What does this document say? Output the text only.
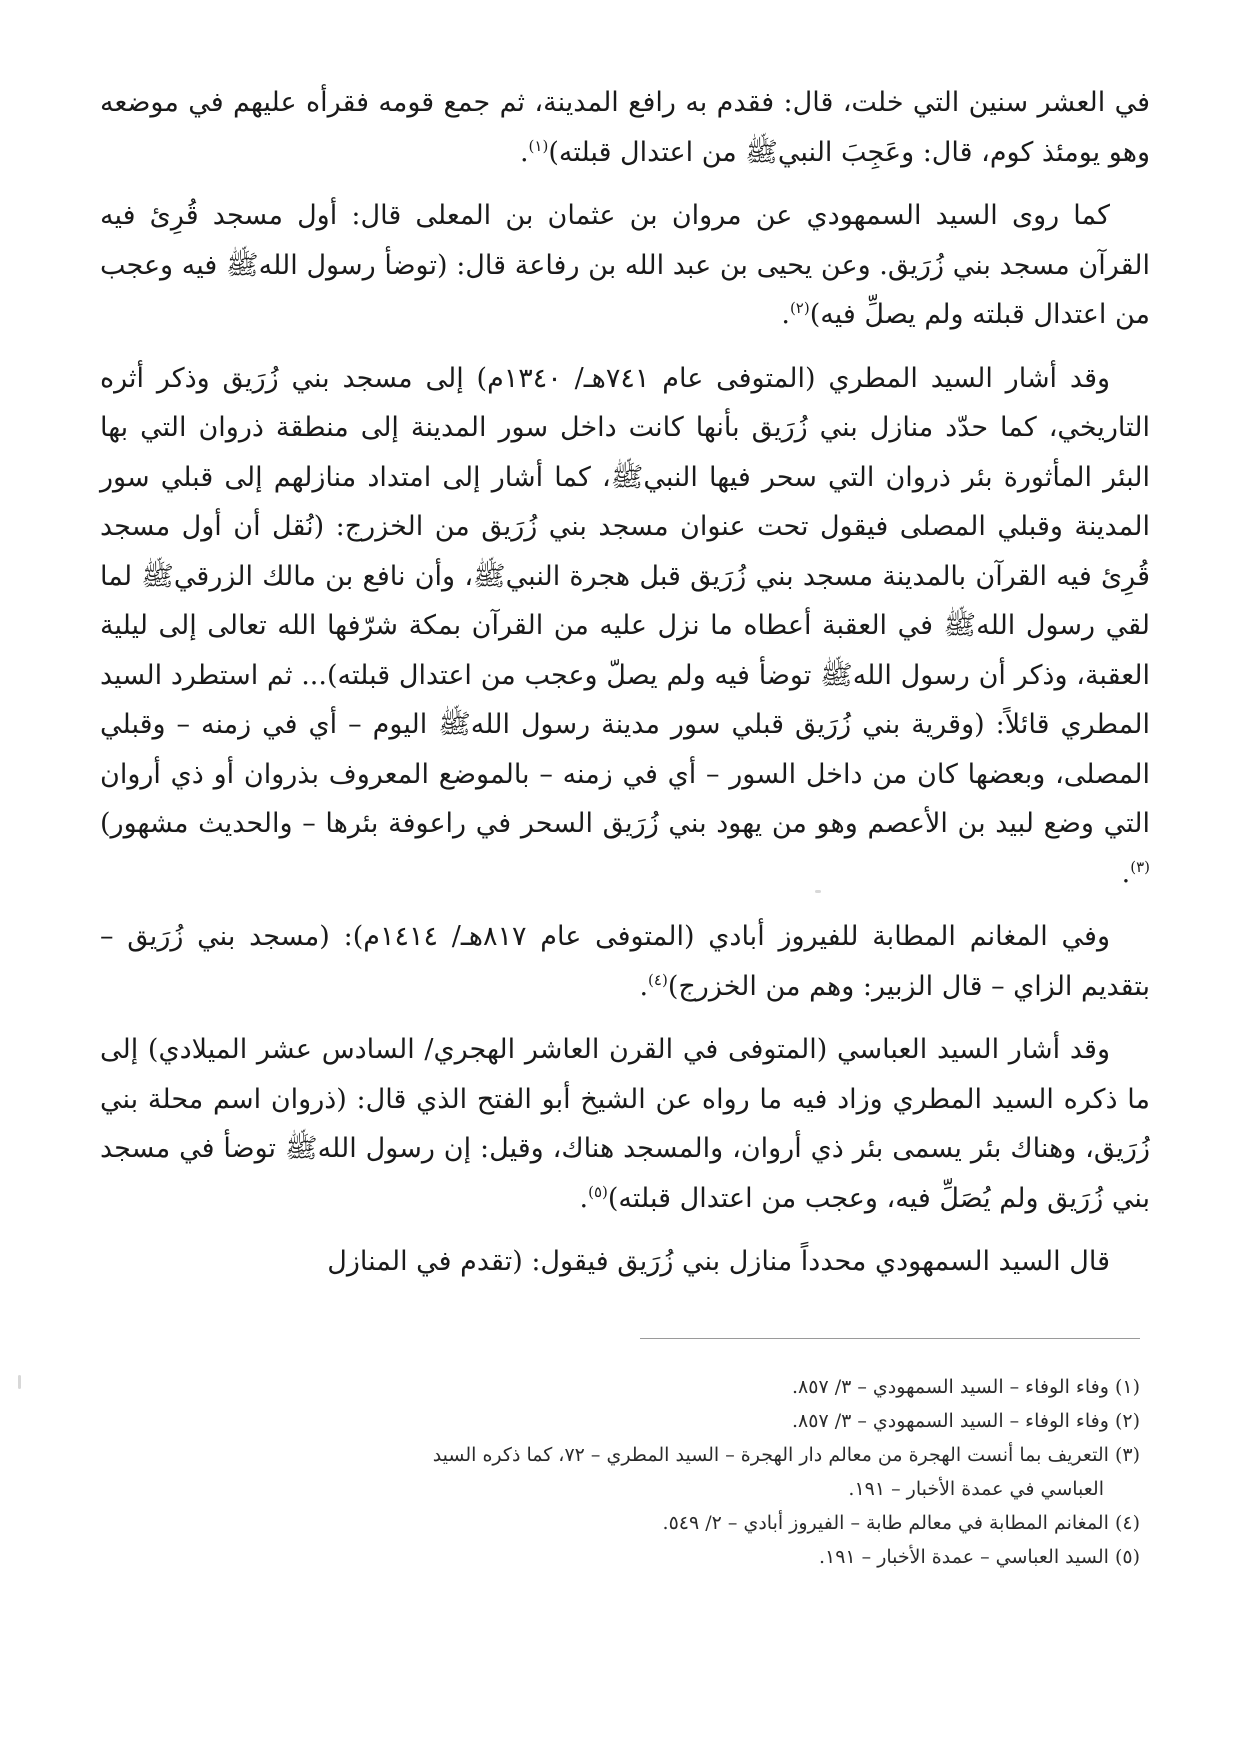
في العشر سنين التي خلت، قال: فقدم به رافع المدينة، ثم جمع قومه فقرأه عليهم في موضعه وهو يومئذ كوم، قال: وعَجِبَ النبيﷺ من اعتدال قبلته)$^{(١)}$.

كما روى السيد السمهودي عن مروان بن عثمان بن المعلى قال: أول مسجد قُرِئ فيه القرآن مسجد بني زُرَيق. وعن يحيى بن عبد الله بن رفاعة قال: (توضأ رسول اللهﷺ فيه وعجب من اعتدال قبلته ولم يصلِّ فيه)$^{(٢)}$.

وقد أشار السيد المطري (المتوفى عام ٧٤١هـ/ ١٣٤٠م) إلى مسجد بني زُرَيق وذكر أثره التاريخي، كما حدّد منازل بني زُرَيق بأنها كانت داخل سور المدينة إلى منطقة ذروان التي بها البئر المأثورة بئر ذروان التي سحر فيها النبيﷺ، كما أشار إلى امتداد منازلهم إلى قبلي سور المدينة وقبلي المصلى فيقول تحت عنوان مسجد بني زُرَيق من الخزرج: (نُقل أن أول مسجد قُرِئ فيه القرآن بالمدينة مسجد بني زُرَيق قبل هجرة النبيﷺ، وأن نافع بن مالك الزرقيﷺ لما لقي رسول اللهﷺ في العقبة أعطاه ما نزل عليه من القرآن بمكة شرّفها الله تعالى إلى ليلية العقبة، وذكر أن رسول اللهﷺ توضأ فيه ولم يصلّ وعجب من اعتدال قبلته)... ثم استطرد السيد المطري قائلاً: (وقرية بني زُرَيق قبلي سور مدينة رسول اللهﷺ اليوم – أي في زمنه – وقبلي المصلى، وبعضها كان من داخل السور – أي في زمنه – بالموضع المعروف بذروان أو ذي أروان التي وضع لبيد بن الأعصم وهو من يهود بني زُرَيق السحر في راعوفة بئرها – والحديث مشهور)$^{(٣)}$.

وفي المغانم المطابة للفيروز أبادي (المتوفى عام ٨١٧هـ/ ١٤١٤م): (مسجد بني زُرَيق – بتقديم الزاي – قال الزبير: وهم من الخزرج)$^{(٤)}$.

وقد أشار السيد العباسي (المتوفى في القرن العاشر الهجري/ السادس عشر الميلادي) إلى ما ذكره السيد المطري وزاد فيه ما رواه عن الشيخ أبو الفتح الذي قال: (ذروان اسم محلة بني زُرَيق، وهناك بئر يسمى بئر ذي أروان، والمسجد هناك، وقيل: إن رسول اللهﷺ توضأ في مسجد بني زُرَيق ولم يُصَلِّ فيه، وعجب من اعتدال قبلته)$^{(٥)}$.

قال السيد السمهودي محدداً منازل بني زُرَيق فيقول: (تقدم في المنازل

(١) وفاء الوفاء – السيد السمهودي – ٣/ ٨٥٧.

(٢) وفاء الوفاء – السيد السمهودي – ٣/ ٨٥٧.

(٣) التعريف بما أنست الهجرة من معالم دار الهجرة – السيد المطري – ٧٢، كما ذكره السيد
العباسي في عمدة الأخبار – ١٩١.

(٤) المغانم المطابة في معالم طابة – الفيروز أبادي – ٢/ ٥٤٩.

(٥) السيد العباسي – عمدة الأخبار – ١٩١.
